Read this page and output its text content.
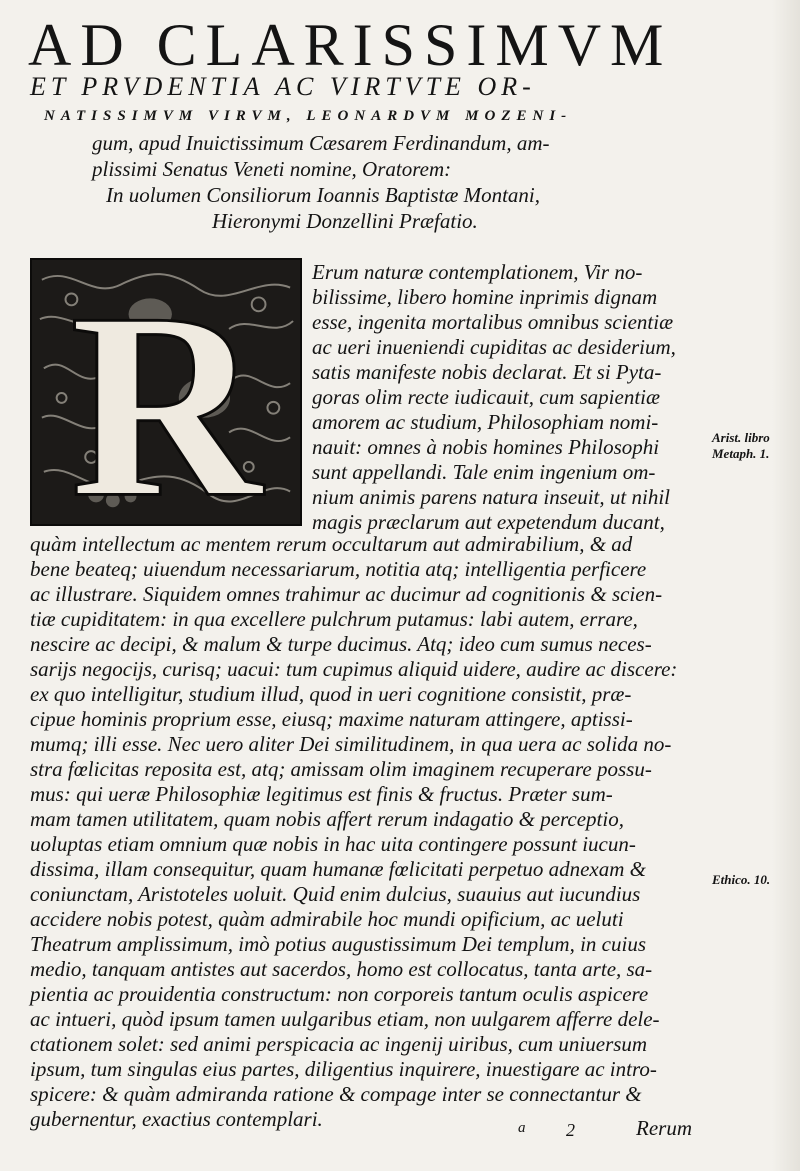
AD CLARISSIMVM
ET PRVDENTIA AC VIRTVTE OR-
NATISSIMVM VIRVM, LEONARDVM MOZENI-
gum, apud Inuictissimum Cæsarem Ferdinandum, am-
plissimi Senatus Veneti nomine, Oratorem:
In uolumen Consiliorum Ioannis Baptistæ Montani,
Hieronymi Donzellini Præfatio.
R Erum naturæ contemplationem, Vir no-
bilissime, libero homine inprimis dignam
esse, ingenita mortalibus omnibus scientiæ
ac ueri inueniendi cupiditas ac desiderium,
satis manifeste nobis declarat. Et si Pyta-
goras olim recte iudicauit, cum sapientiæ
amorem ac studium, Philosophiam nomi-
nauit: omnes à nobis homines Philosophi
sunt appellandi. Tale enim ingenium om-
nium animis parens natura inseuit, ut nihil
magis præclarum aut expetendum ducant,
quàm intellectum ac mentem rerum occultarum aut admirabilium, & ad
bene beateq; uiuendum necessariarum, notitia atq; intelligentia perficere
ac illustrare. Siquidem omnes trahimur ac ducimur ad cognitionis & scien-
tiæ cupiditatem: in qua excellere pulchrum putamus: labi autem, errare,
nescire ac decipi, & malum & turpe ducimus. Atq; ideo cum sumus neces-
sarijs negocijs, curisq; uacui: tum cupimus aliquid uidere, audire ac discere:
ex quo intelligitur, studium illud, quod in ueri cognitione consistit, præ-
cipue hominis proprium esse, eiusq; maxime naturam attingere, aptissi-
mumq; illi esse. Nec uero aliter Dei similitudinem, in qua uera ac solida no-
stra fœlicitas reposita est, atq; amissam olim imaginem recuperare possu-
mus: qui ueræ Philosophiæ legitimus est finis & fructus. Præter sum-
mam tamen utilitatem, quam nobis affert rerum indagatio & perceptio,
uoluptas etiam omnium quæ nobis in hac uita contingere possunt iucun-
dissima, illam consequitur, quam humanæ fœlicitati perpetuo adnexam &
coniunctam, Aristoteles uoluit. Quid enim dulcius, suauius aut iucundius
accidere nobis potest, quàm admirabile hoc mundi opificium, ac ueluti
Theatrum amplissimum, imò potius augustissimum Dei templum, in cuius
medio, tanquam antistes aut sacerdos, homo est collocatus, tanta arte, sa-
pientia ac prouidentia constructum: non corporeis tantum oculis aspicere
ac intueri, quòd ipsum tamen uulgaribus etiam, non uulgarem afferre dele-
ctationem solet: sed animi perspicacia ac ingenij uiribus, cum uniuersum
ipsum, tum singulas eius partes, diligentius inquirere, inuestigare ac intro-
spicere: & quàm admiranda ratione & compage inter se connectantur &
gubernentur, exactius contemplari.
Arist. libro
Metaph. 1.
Ethico. 10.
a 2	Rerum
